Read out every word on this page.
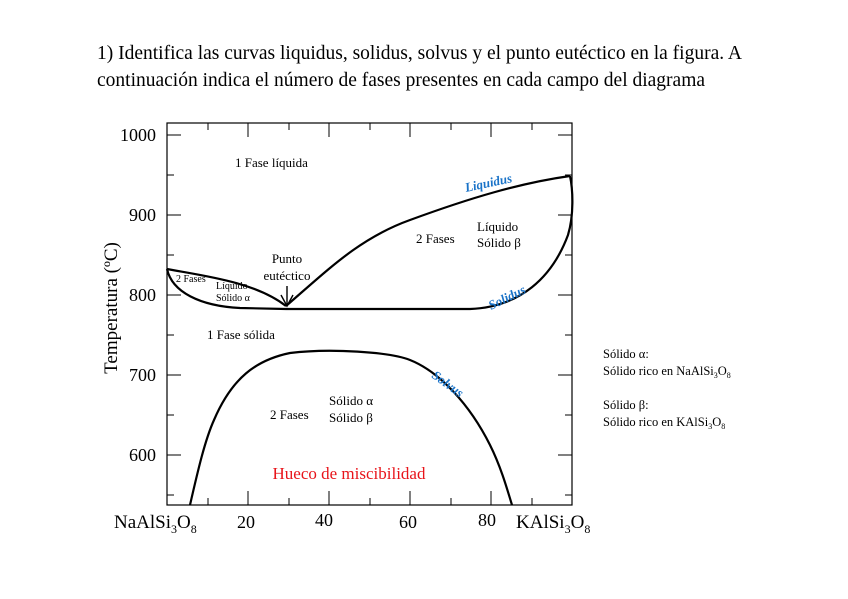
1) Identifica las curvas liquidus, solidus, solvus y el punto eutéctico en la figura. A
continuación indica el número de fases presentes en cada campo del diagrama
1000
900
800
700
600
Temperatura (ºC)
20	40	60	80
$NaAlSi_3O_8$	$KAlSi_3O_8$
Liquidus
Solidus
Solvus
1 Fase líquida
1 Fase sólida
2 Fases
Líquido
Sólido α
2 Fases
Líquido
Sólido β
2 Fases
Sólido α
Sólido β
Punto
eutéctico
Hueco de miscibilidad
Sólido α:
Sólido rico en $NaAlSi_3O_8$
Sólido β:
Sólido rico en $KAlSi_3O_8$
